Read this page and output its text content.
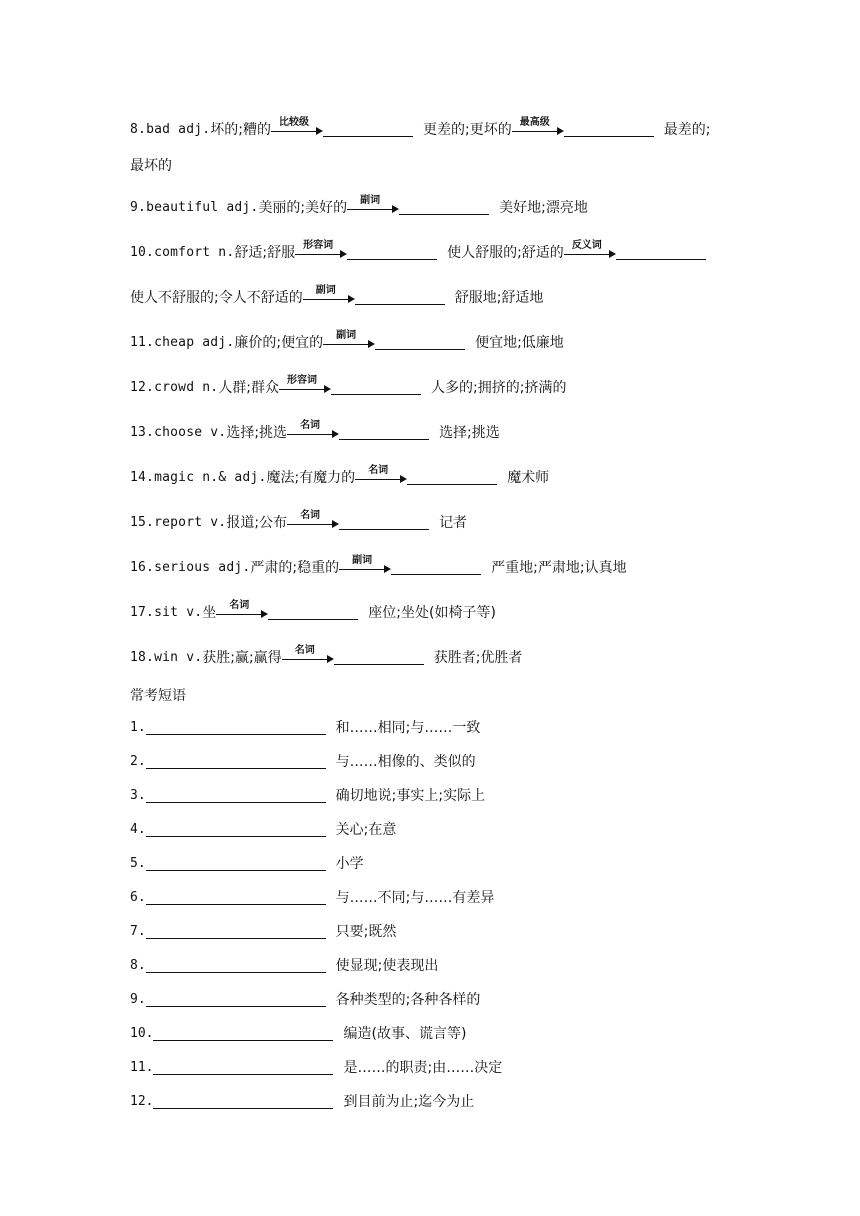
8. bad adj. 坏的;糟的 比较级	更差的;更坏的 最高级	最差的;
最坏的
9. beautiful adj. 美丽的;美好的	副词	美好地;漂亮地
10. comfort n. 舒适;舒服 形容词	使人舒服的;舒适的 反义词
使人不舒服的;令人不舒适的	副词	舒服地;舒适地
11. cheap adj. 廉价的;便宜的	副词	便宜地;低廉地
12. crowd n. 人群;群众 形容词	人多的;拥挤的;挤满的
13. choose v. 选择;挑选	名词	选择;挑选
14. magic n.& adj. 魔法;有魔力的	名词	魔术师
15. report v. 报道;公布	名词	记者
16. serious adj. 严肃的;稳重的	副词	严重地;严肃地;认真地
17. sit v. 坐	名词	座位;坐处(如椅子等)
18. win v. 获胜;赢;赢得	名词	获胜者;优胜者
常考短语
1.	和……相同;与……一致
2.	与……相像的、类似的
3.	确切地说;事实上;实际上
4.	关心;在意
5.	小学
6.	与……不同;与……有差异
7.	只要;既然
8.	使显现;使表现出
9.	各种类型的;各种各样的
10.	编造(故事、谎言等)
11.	是……的职责;由……决定
12.	到目前为止;迄今为止
